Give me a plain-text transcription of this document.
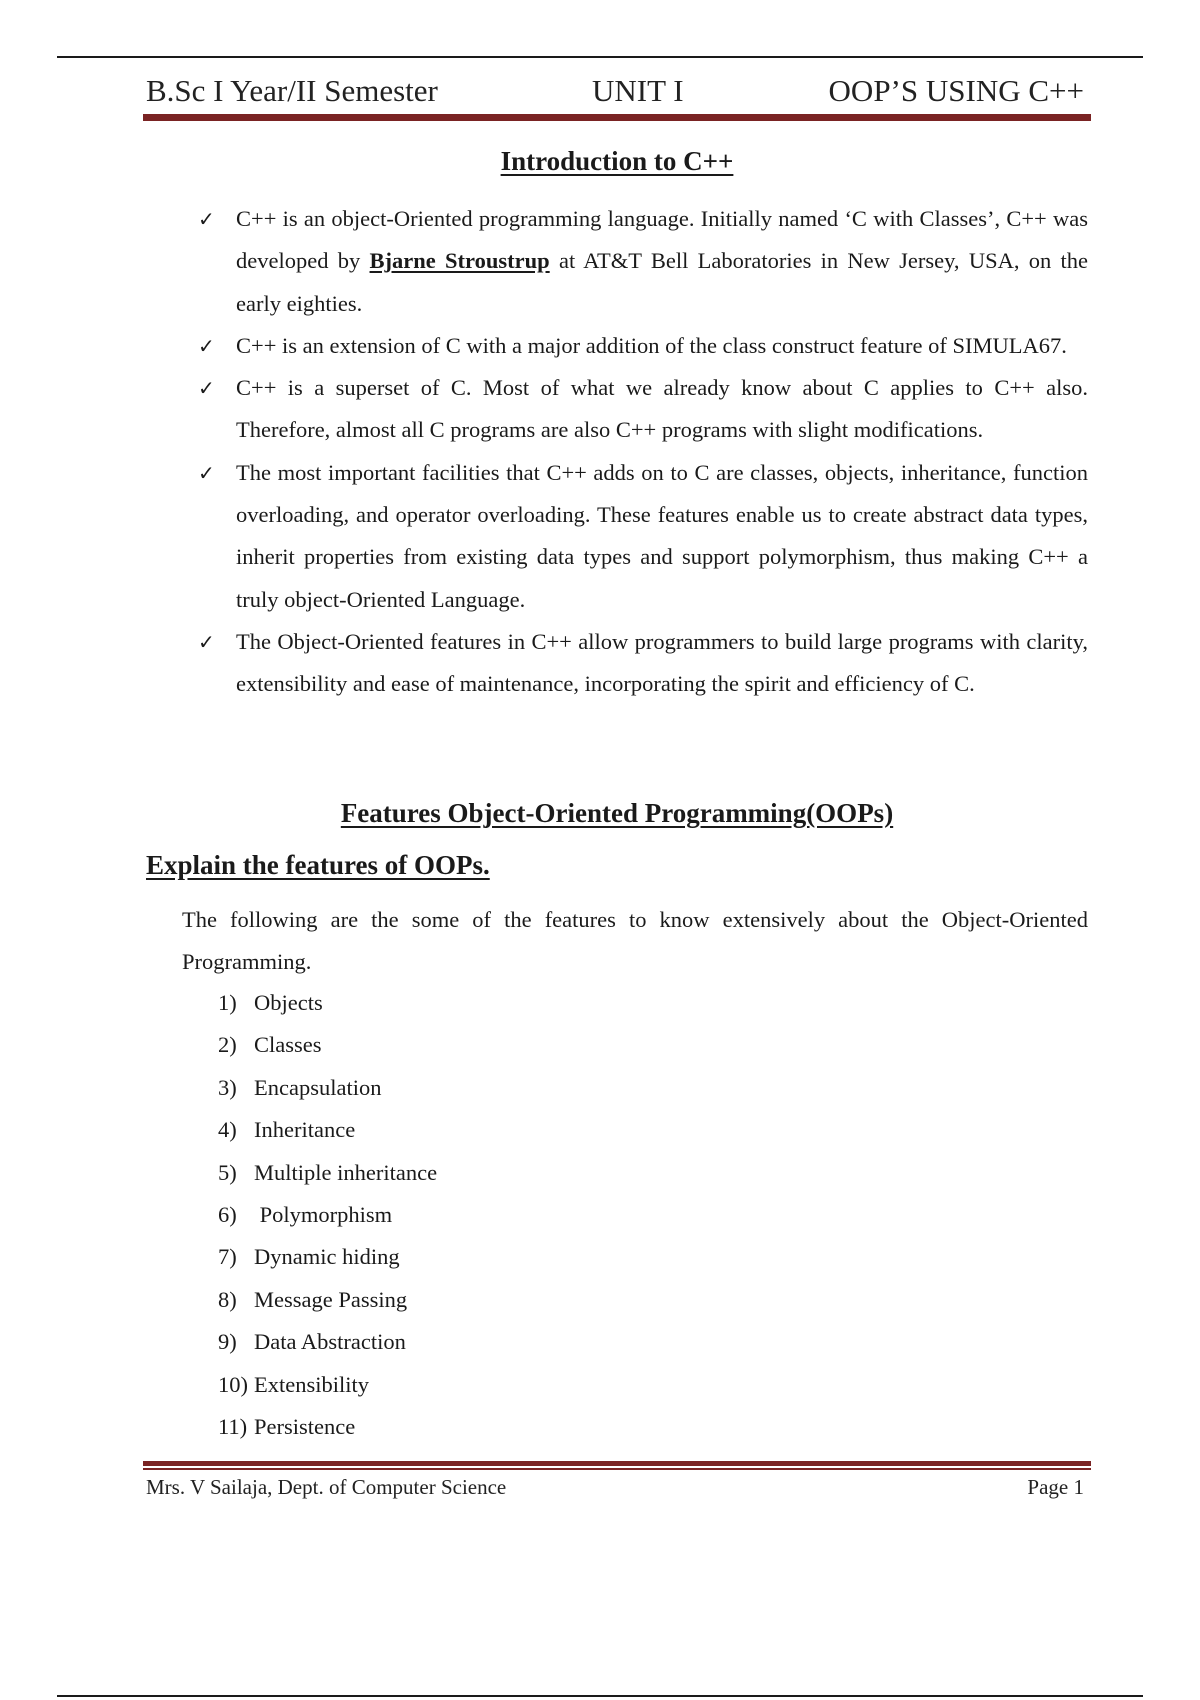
B.Sc I Year/II Semester	UNIT I	OOP’S USING C++
Introduction to C++
✓ C++ is an object-Oriented programming language. Initially named ‘C with Classes’, C++ was developed by Bjarne Stroustrup at AT&T Bell Laboratories in New Jersey, USA, on the early eighties.
✓ C++ is an extension of C with a major addition of the class construct feature of SIMULA67.
✓ C++ is a superset of C. Most of what we already know about C applies to C++ also. Therefore, almost all C programs are also C++ programs with slight modifications.
✓ The most important facilities that C++ adds on to C are classes, objects, inheritance, function overloading, and operator overloading. These features enable us to create abstract data types, inherit properties from existing data types and support polymorphism, thus making C++ a truly object-Oriented Language.
✓ The Object-Oriented features in C++ allow programmers to build large programs with clarity, extensibility and ease of maintenance, incorporating the spirit and efficiency of C.
Features Object-Oriented Programming(OOPs)
Explain the features of OOPs.
The following are the some of the features to know extensively about the Object-Oriented Programming.
1) Objects
2) Classes
3) Encapsulation
4) Inheritance
5) Multiple inheritance
6) Polymorphism
7) Dynamic hiding
8) Message Passing
9) Data Abstraction
10) Extensibility
11) Persistence
Mrs. V Sailaja, Dept. of Computer Science	Page 1
